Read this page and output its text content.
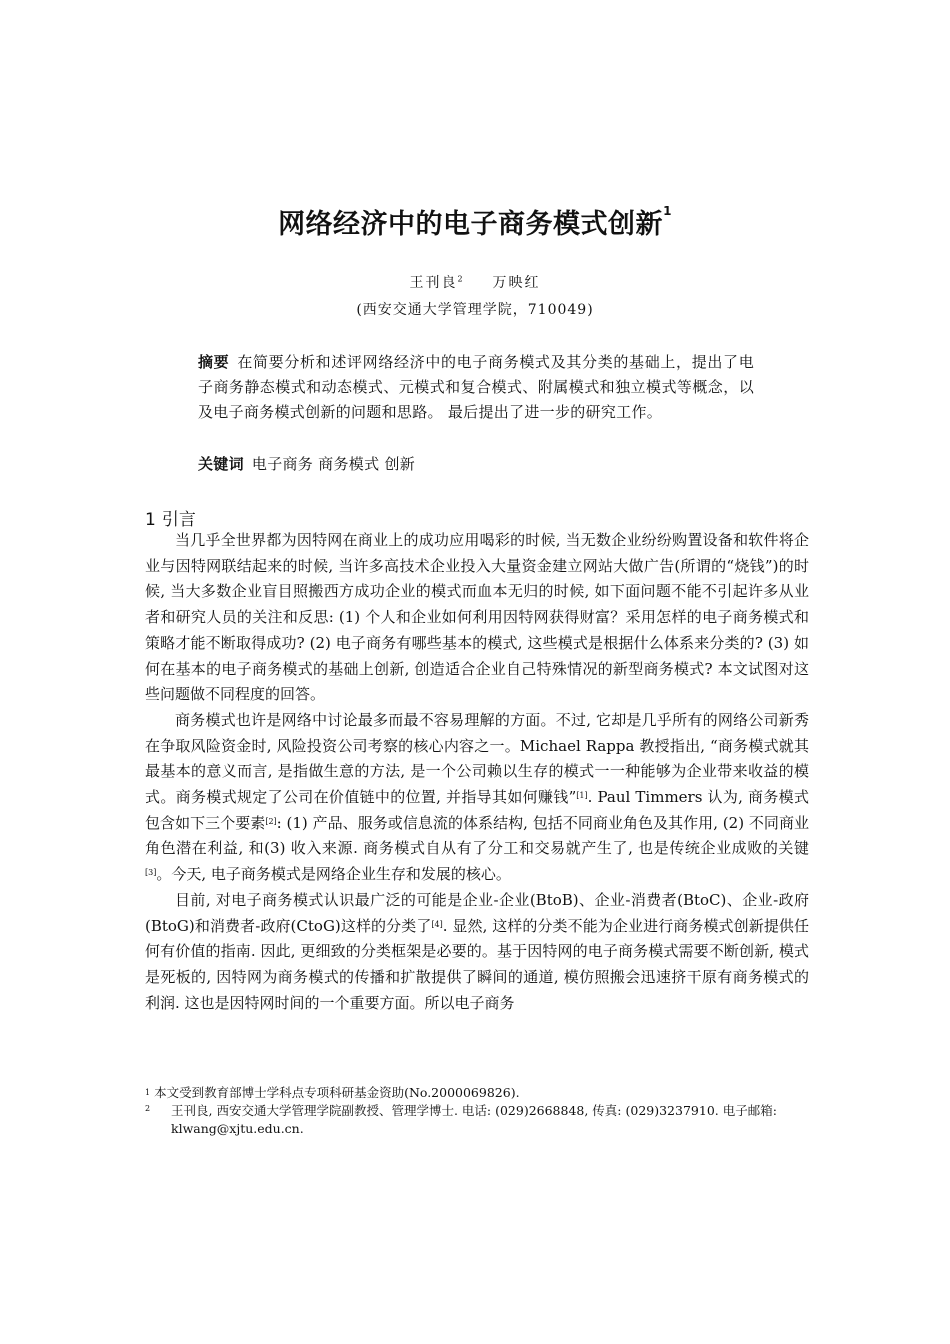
网络经济中的电子商务模式创新$^1$
王刊良$^2$ 万映红
(西安交通大学管理学院，710049)
摘要 在简要分析和述评网络经济中的电子商务模式及其分类的基础上，提出了电子商务静态模式和动态模式、元模式和复合模式、附属模式和独立模式等概念，以及电子商务模式创新的问题和思路。 最后提出了进一步的研究工作。
关键词 电子商务 商务模式 创新
1 引言

当几乎全世界都为因特网在商业上的成功应用喝彩的时候, 当无数企业纷纷购置设备和软件将企业与因特网联结起来的时候, 当许多高技术企业投入大量资金建立网站大做广告(所谓的“烧钱”)的时候, 当大多数企业盲目照搬西方成功企业的模式而血本无归的时候, 如下面问题不能不引起许多从业者和研究人员的关注和反思: (1) 个人和企业如何利用因特网获得财富？采用怎样的电子商务模式和策略才能不断取得成功? (2) 电子商务有哪些基本的模式, 这些模式是根据什么体系来分类的? (3) 如何在基本的电子商务模式的基础上创新, 创造适合企业自己特殊情况的新型商务模式? 本文试图对这些问题做不同程度的回答。

商务模式也许是网络中讨论最多而最不容易理解的方面。不过, 它却是几乎所有的网络公司新秀在争取风险资金时, 风险投资公司考察的核心内容之一。Michael Rappa 教授指出, “商务模式就其最基本的意义而言, 是指做生意的方法, 是一个公司赖以生存的模式一一种能够为企业带来收益的模式。商务模式规定了公司在价值链中的位置, 并指导其如何赚钱”[1]. Paul Timmers 认为, 商务模式包含如下三个要素[2]: (1) 产品、服务或信息流的体系结构, 包括不同商业角色及其作用, (2) 不同商业角色潜在利益, 和(3) 收入来源. 商务模式自从有了分工和交易就产生了, 也是传统企业成败的关键[3]。今天, 电子商务模式是网络企业生存和发展的核心。

目前, 对电子商务模式认识最广泛的可能是企业-企业(BtoB)、企业-消费者(BtoC)、企业-政府(BtoG)和消费者-政府(CtoG)这样的分类了[4]. 显然, 这样的分类不能为企业进行商务模式创新提供任何有价值的指南. 因此, 更细致的分类框架是必要的。基于因特网的电子商务模式需要不断创新, 模式是死板的, 因特网为商务模式的传播和扩散提供了瞬间的通道, 模仿照搬会迅速挤干原有商务模式的利润. 这也是因特网时间的一个重要方面。所以电子商务

$^1$ 本文受到教育部博士学科点专项科研基金资助(No.2000069826).

2	王刊良, 西安交通大学管理学院副教授、管理学博士. 电话: (029)2668848, 传真: (029)3237910. 电子邮箱: klwang@xjtu.edu.cn.
